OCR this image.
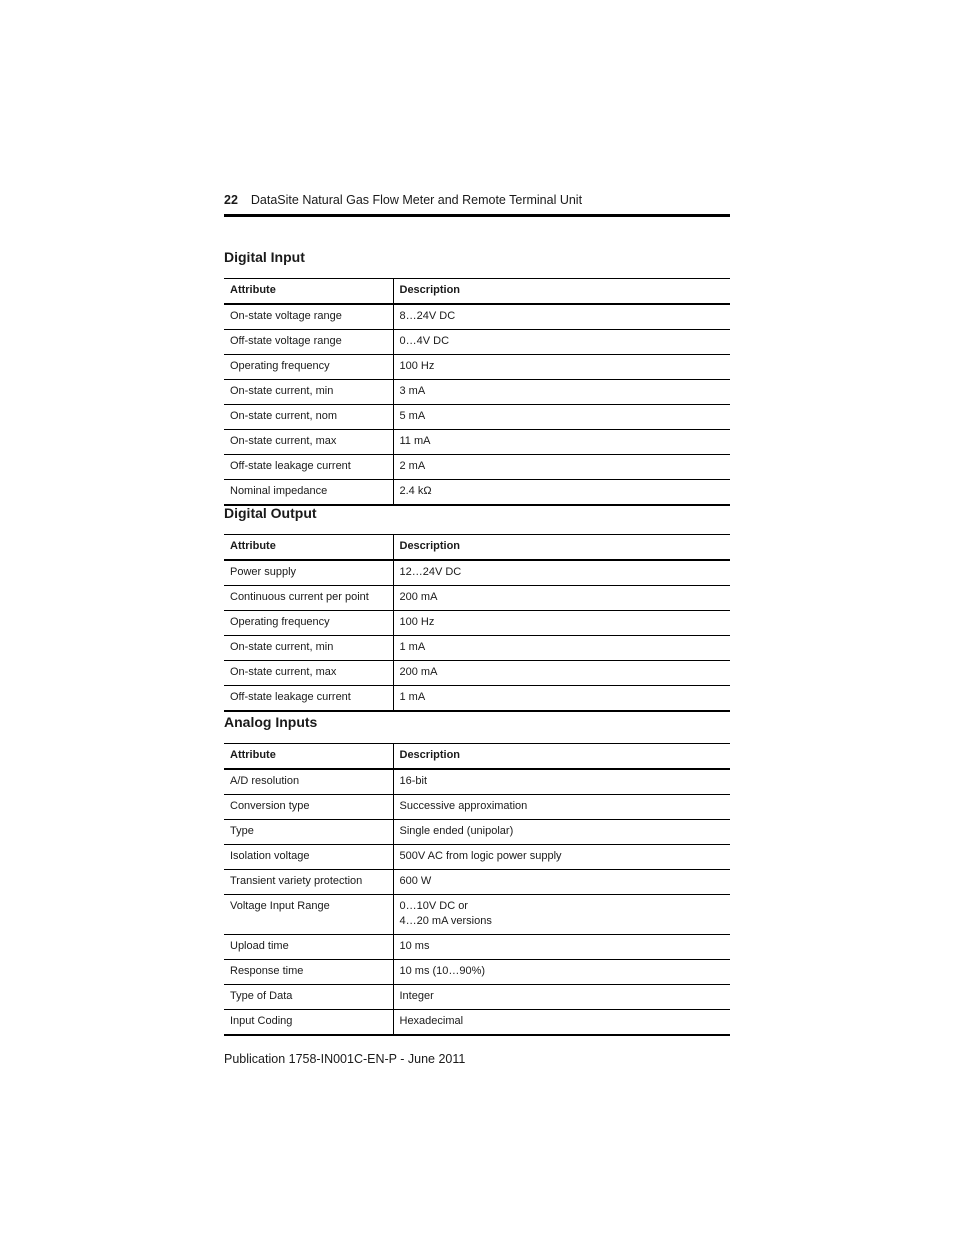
22 DataSite Natural Gas Flow Meter and Remote Terminal Unit
Digital Input
Attribute	Description
On-state voltage range	8…24V DC
Off-state voltage range	0…4V DC
Operating frequency	100 Hz
On-state current, min	3 mA
On-state current, nom	5 mA
On-state current, max	11 mA
Off-state leakage current	2 mA
Nominal impedance	2.4 kΩ
Digital Output
Attribute	Description
Power supply	12…24V DC
Continuous current per point	200 mA
Operating frequency	100 Hz
On-state current, min	1 mA
On-state current, max	200 mA
Off-state leakage current	1 mA
Analog Inputs
Attribute	Description
A/D resolution	16-bit
Conversion type	Successive approximation
Type	Single ended (unipolar)
Isolation voltage	500V AC from logic power supply
Transient variety protection	600 W
Voltage Input Range	0…10V DC or
4…20 mA versions
Upload time	10 ms
Response time	10 ms (10…90%)
Type of Data	Integer
Input Coding	Hexadecimal
Publication 1758-IN001C-EN-P - June 2011
